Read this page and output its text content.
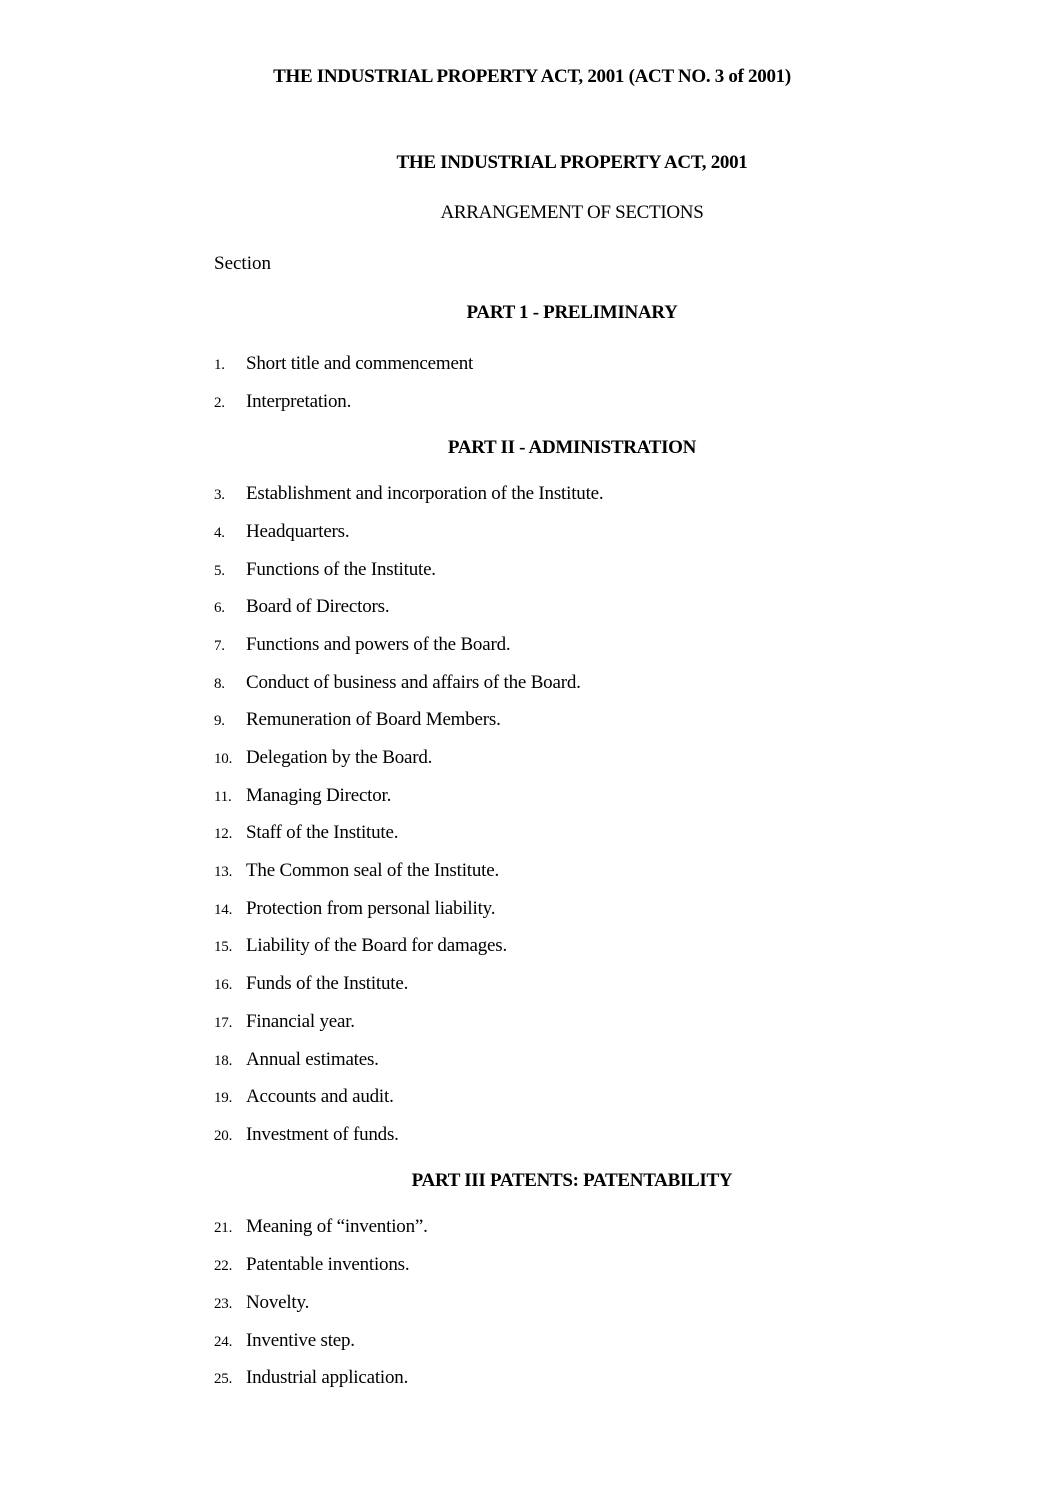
THE INDUSTRIAL PROPERTY ACT, 2001 (ACT NO. 3 of 2001)
THE INDUSTRIAL PROPERTY ACT, 2001
ARRANGEMENT OF SECTIONS
Section
PART 1 - PRELIMINARY
1. Short title and commencement
2. Interpretation.
PART II - ADMINISTRATION
3. Establishment and incorporation of the Institute.
4. Headquarters.
5. Functions of the Institute.
6. Board of Directors.
7. Functions and powers of the Board.
8. Conduct of business and affairs of the Board.
9. Remuneration of Board Members.
10. Delegation by the Board.
11. Managing Director.
12. Staff of the Institute.
13. The Common seal of the Institute.
14. Protection from personal liability.
15. Liability of the Board for damages.
16. Funds of the Institute.
17. Financial year.
18. Annual estimates.
19. Accounts and audit.
20. Investment of funds.
PART III PATENTS: PATENTABILITY
21. Meaning of “invention”.
22. Patentable inventions.
23. Novelty.
24. Inventive step.
25. Industrial application.
